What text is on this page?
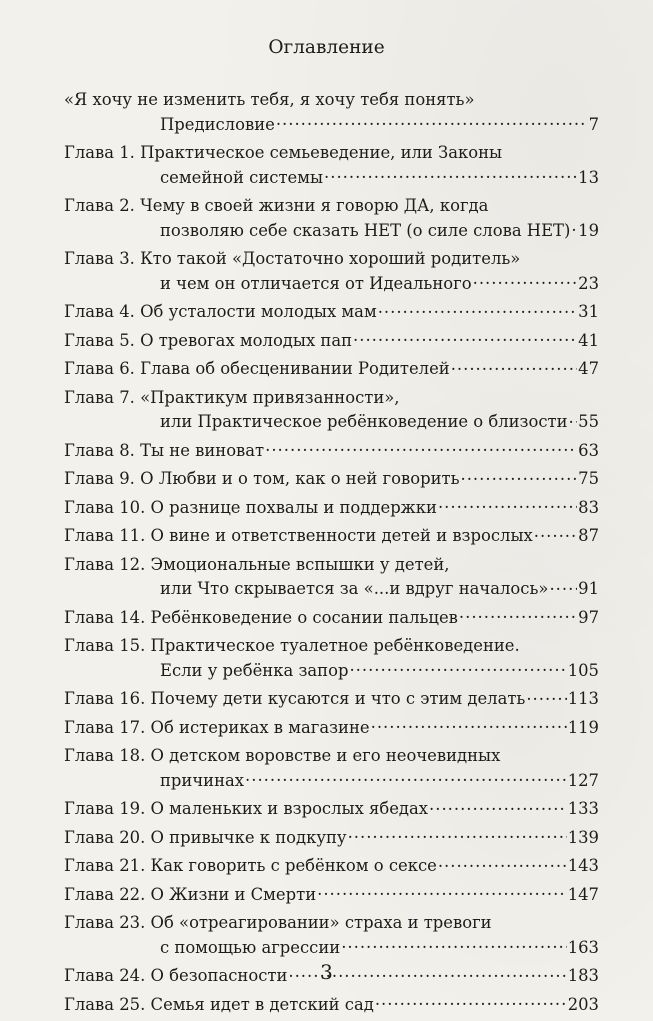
Оглавление
«Я хочу не изменить тебя, я хочу тебя понять»
Предисловие .....	7
Глава 1. Практическое семьеведение, или Законы
семейной системы .....	13
Глава 2. Чему в своей жизни я говорю ДА, когда
позволяю себе сказать НЕТ (о силе слова НЕТ) ..... 19
Глава 3. Кто такой «Достаточно хороший родитель»
и чем он отличается от Идеального .....	23
Глава 4. Об усталости молодых мам .....	31
Глава 5. О тревогах молодых пап .....	41
Глава 6. Глава об обесценивании Родителей .....	47
Глава 7. «Практикум привязанности»,
или Практическое ребёнковедение о близости ..... 55
Глава 8. Ты не виноват .....	63
Глава 9. О Любви и о том, как о ней говорить .....	75
Глава 10. О разнице похвалы и поддержки .....	83
Глава 11. О вине и ответственности детей и взрослых .....	87
Глава 12. Эмоциональные вспышки у детей,
или Что скрывается за «...и вдруг началось» ..... 91
Глава 14. Ребёнковедение о сосании пальцев .....	97
Глава 15. Практическое туалетное ребёнковедение.
Если у ребёнка запор .....	105
Глава 16. Почему дети кусаются и что с этим делать .....	113
Глава 17. Об истериках в магазине .....	119
Глава 18. О детском воровстве и его неочевидных
причинах .....	127
Глава 19. О маленьких и взрослых ябедах .....	133
Глава 20. О привычке к подкупу .....	139
Глава 21. Как говорить с ребёнком о сексе .....	143
Глава 22. О Жизни и Смерти .....	147
Глава 23. Об «отреагировании» страха и тревоги
с помощью агрессии .....	163
Глава 24. О безопасности .....	183
Глава 25. Семья идет в детский сад .....	203
3
